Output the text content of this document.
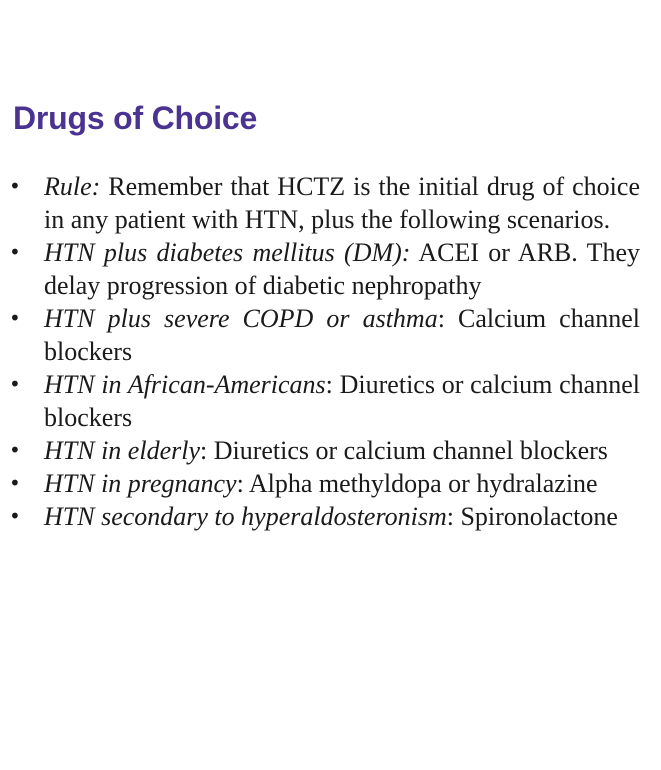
Drugs of Choice
• Rule: Remember that HCTZ is the initial drug of choice in any patient with HTN, plus the following scenarios.
• HTN plus diabetes mellitus (DM): ACEI or ARB. They delay progression of diabetic nephropathy
• HTN plus severe COPD or asthma: Calcium channel blockers
• HTN in African-Americans: Diuretics or calcium channel blockers
• HTN in elderly: Diuretics or calcium channel blockers
• HTN in pregnancy: Alpha methyldopa or hydralazine
• HTN secondary to hyperaldosteronism: Spironolactone
